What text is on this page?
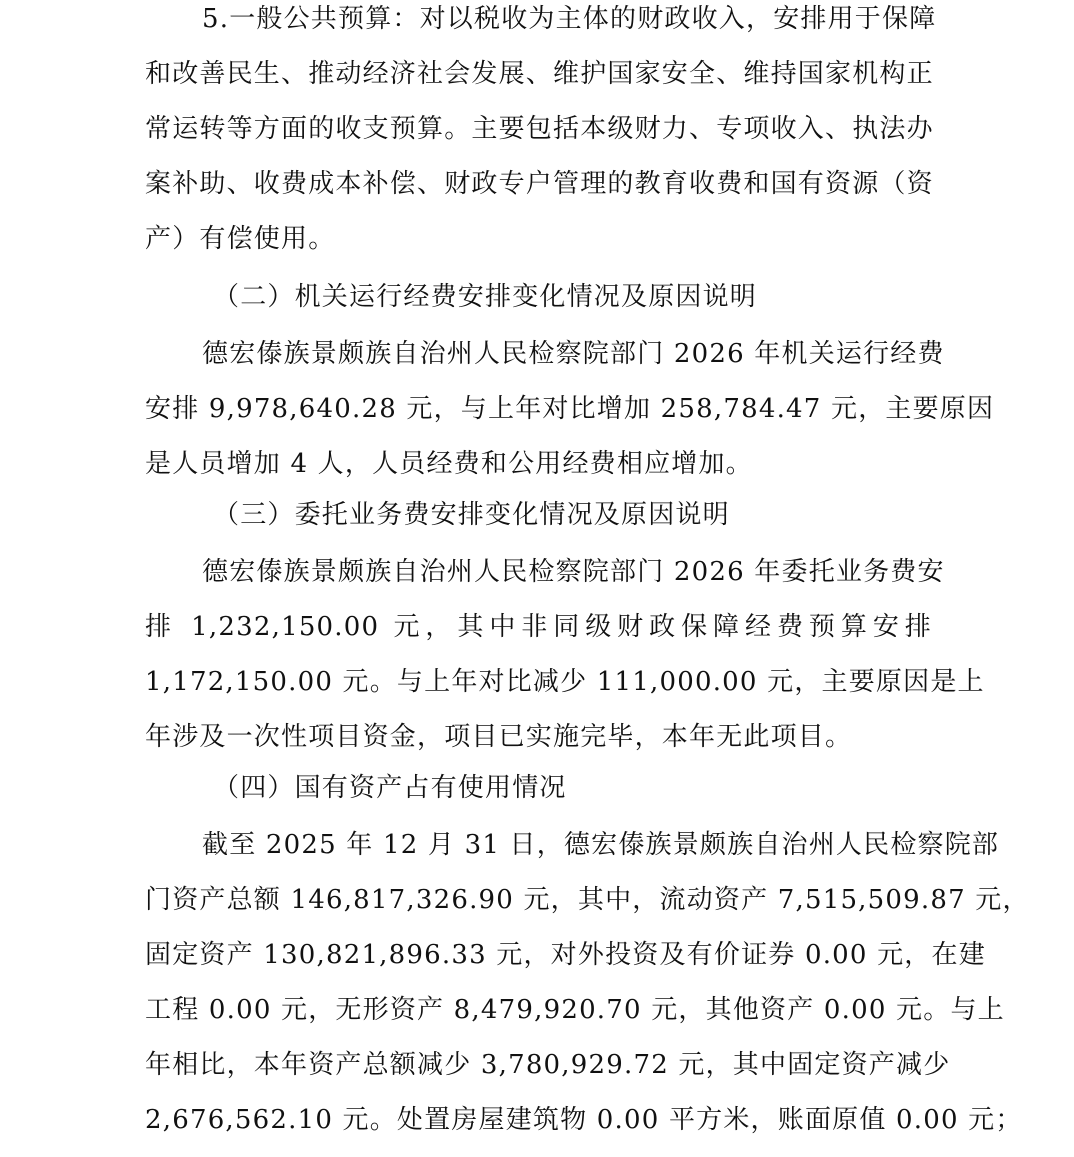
5.一般公共预算：对以税收为主体的财政收入，安排用于保障
和改善民生、推动经济社会发展、维护国家安全、维持国家机构正
常运转等方面的收支预算。主要包括本级财力、专项收入、执法办
案补助、收费成本补偿、财政专户管理的教育收费和国有资源（资
产）有偿使用。
（二）机关运行经费安排变化情况及原因说明
德宏傣族景颇族自治州人民检察院部门 2026 年机关运行经费
安排 9,978,640.28 元，与上年对比增加 258,784.47 元，主要原因
是人员增加 4 人，人员经费和公用经费相应增加。
（三）委托业务费安排变化情况及原因说明
德宏傣族景颇族自治州人民检察院部门 2026 年委托业务费安
排 1,232,150.00 元，其中非同级财政保障经费预算安排
1,172,150.00 元。与上年对比减少 111,000.00 元，主要原因是上
年涉及一次性项目资金，项目已实施完毕，本年无此项目。
（四）国有资产占有使用情况
截至 2025 年 12 月 31 日，德宏傣族景颇族自治州人民检察院部
门资产总额 146,817,326.90 元，其中，流动资产 7,515,509.87 元，
固定资产 130,821,896.33 元，对外投资及有价证券 0.00 元，在建
工程 0.00 元，无形资产 8,479,920.70 元，其他资产 0.00 元。与上
年相比，本年资产总额减少 3,780,929.72 元，其中固定资产减少
2,676,562.10 元。处置房屋建筑物 0.00 平方米，账面原值 0.00 元；
